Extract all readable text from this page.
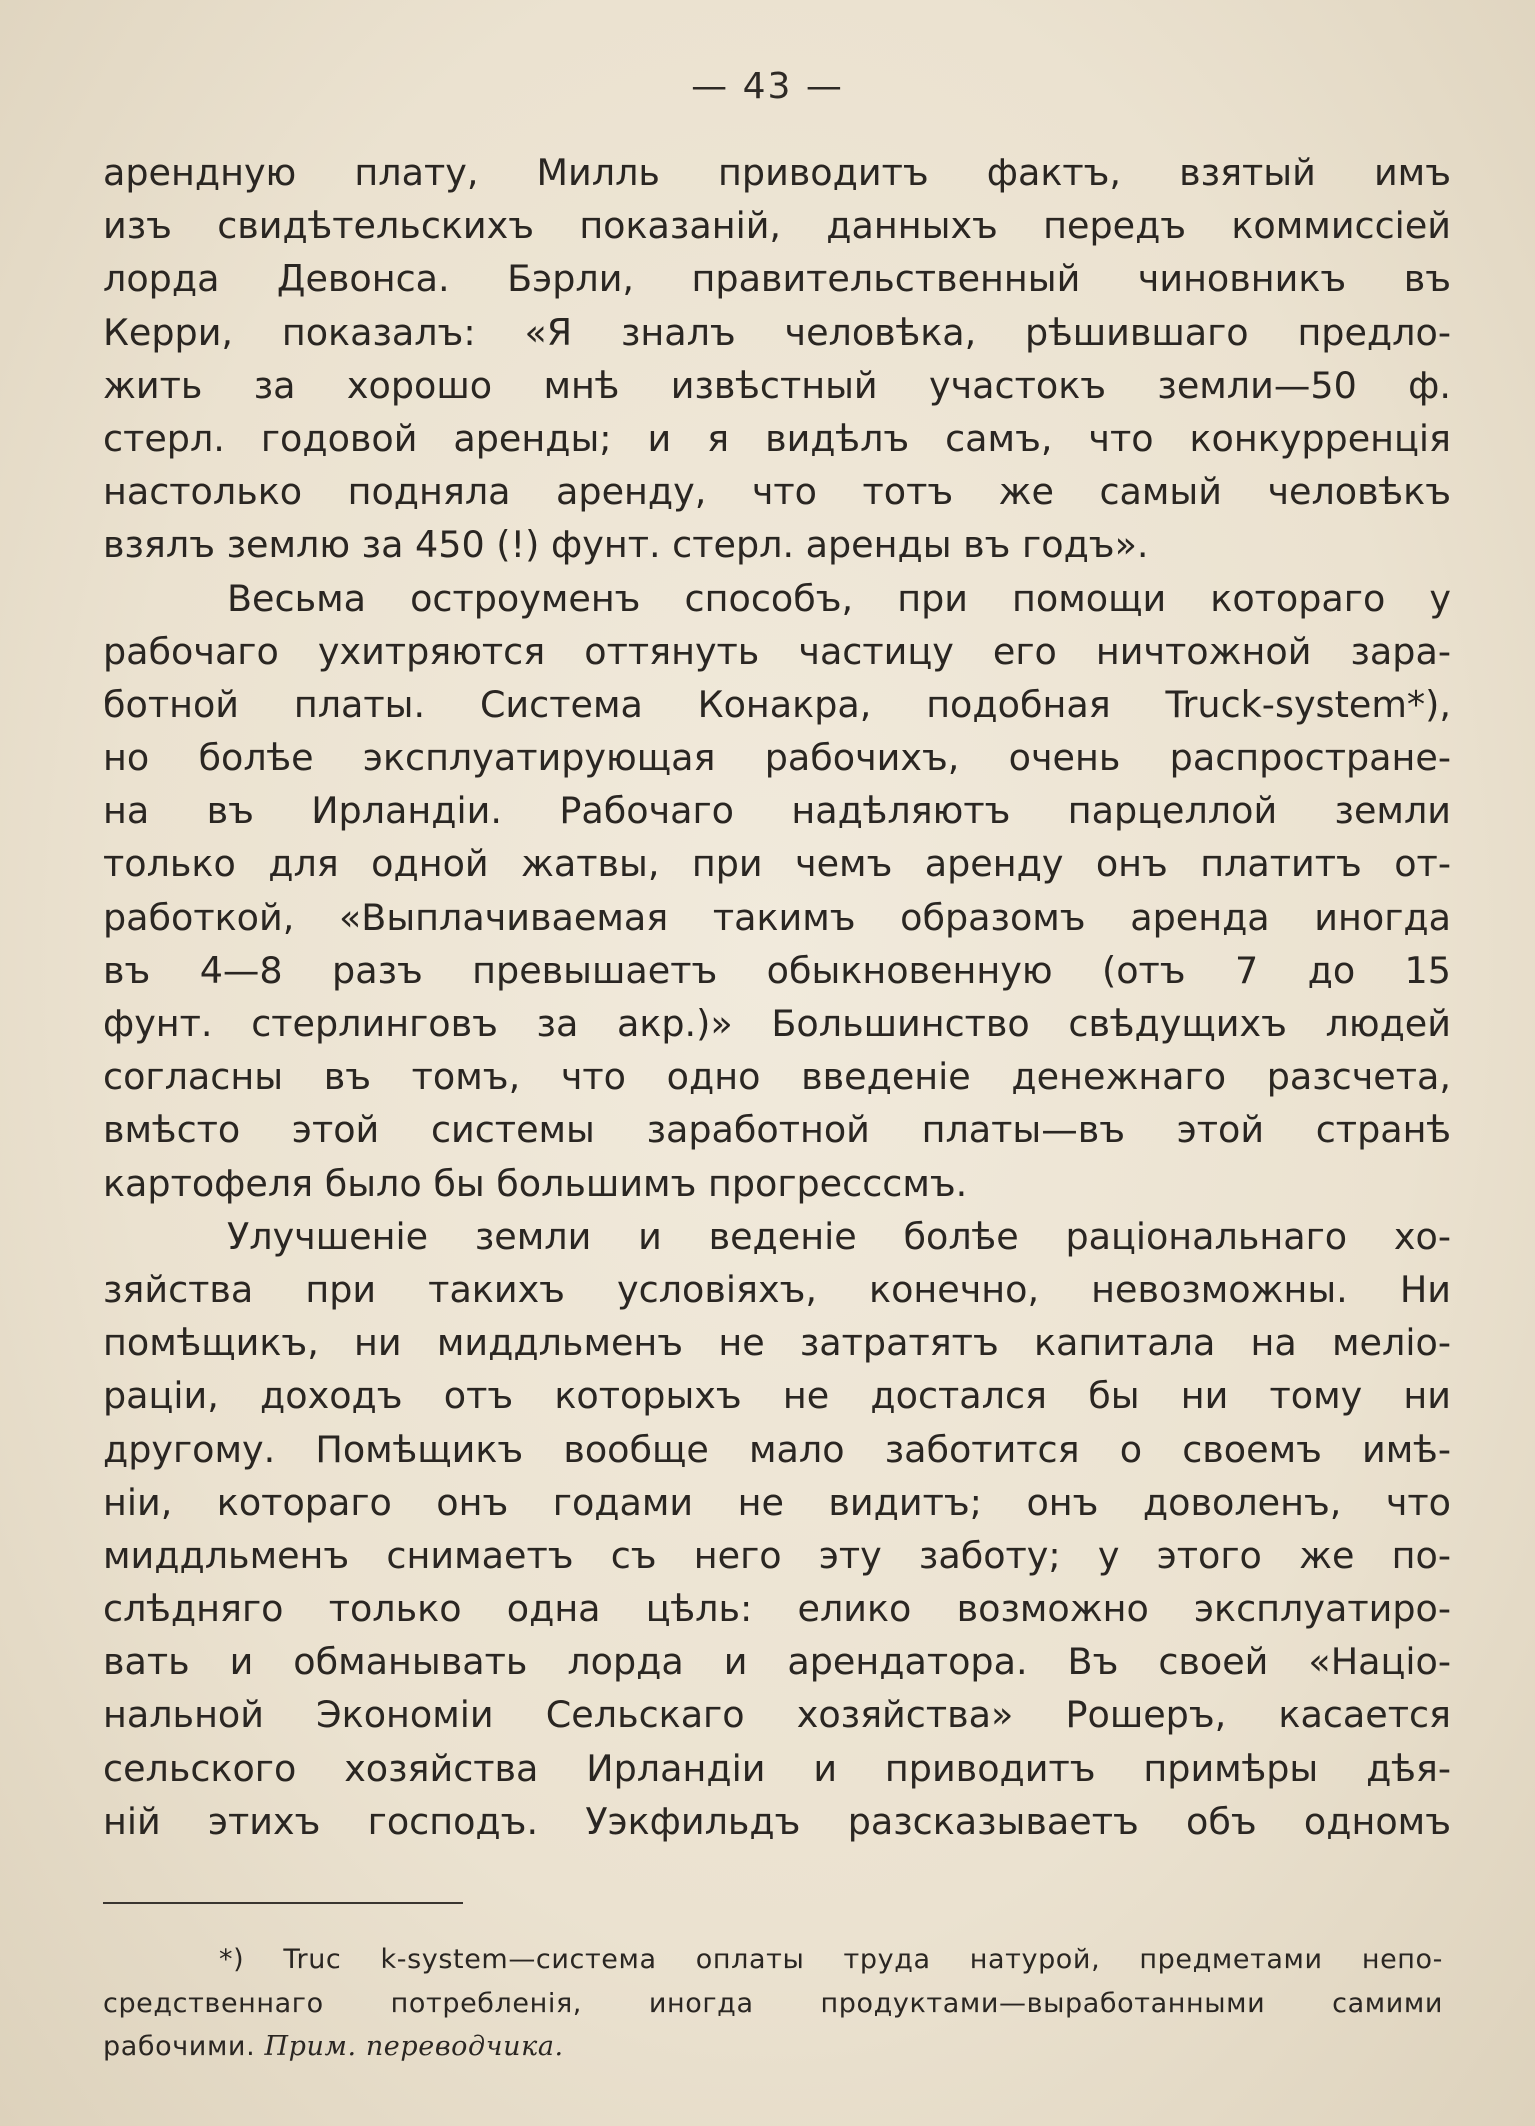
— 43 —
арендную плату, Милль приводитъ фактъ, взятый имъ
изъ свидѣтельскихъ показаній, данныхъ передъ коммиссіей
лорда Девонса. Бэрли, правительственный чиновникъ въ
Керри, показалъ: «Я зналъ человѣка, рѣшившаго предло-
жить за хорошо мнѣ извѣстный участокъ земли—50 ф.
стерл. годовой аренды; и я видѣлъ самъ, что конкурренція
настолько подняла аренду, что тотъ же самый человѣкъ
взялъ землю за 450 (!) фунт. стерл. аренды въ годъ».
Весьма остроуменъ способъ, при помощи котораго у
рабочаго ухитряются оттянуть частицу его ничтожной зара-
ботной платы. Система Конакра, подобная Truck-system*),
но болѣе эксплуатирующая рабочихъ, очень распростране-
на въ Ирландіи. Рабочаго надѣляютъ парцеллой земли
только для одной жатвы, при чемъ аренду онъ платитъ от-
работкой, «Выплачиваемая такимъ образомъ аренда иногда
въ 4—8 разъ превышаетъ обыкновенную (отъ 7 до 15
фунт. стерлинговъ за акр.)» Большинство свѣдущихъ людей
согласны въ томъ, что одно введеніе денежнаго разсчета,
вмѣсто этой системы заработной платы—въ этой странѣ
картофеля было бы большимъ прогресссмъ.
Улучшеніе земли и веденіе болѣе раціональнаго хо-
зяйства при такихъ условіяхъ, конечно, невозможны. Ни
помѣщикъ, ни миддльменъ не затратятъ капитала на меліо-
раціи, доходъ отъ которыхъ не достался бы ни тому ни
другому. Помѣщикъ вообще мало заботится о своемъ имѣ-
ніи, котораго онъ годами не видитъ; онъ доволенъ, что
миддльменъ снимаетъ съ него эту заботу; у этого же по-
слѣдняго только одна цѣль: елико возможно эксплуатиро-
вать и обманывать лорда и арендатора. Въ своей «Націо-
нальной Экономіи Сельскаго хозяйства» Рошеръ, касается
сельского хозяйства Ирландіи и приводитъ примѣры дѣя-
ній этихъ господъ. Уэкфильдъ разсказываетъ объ одномъ
*) Truc k-system—система оплаты труда натурой, предметами непо-
средственнаго потребленія, иногда продуктами—выработанными самими
рабочими. Прим. переводчика.
